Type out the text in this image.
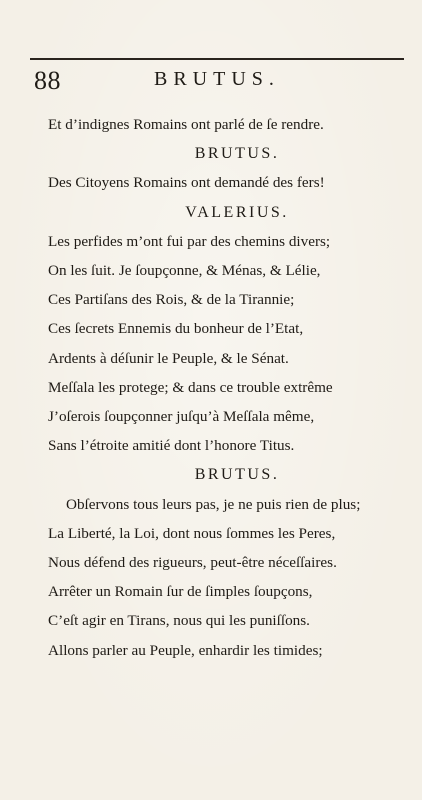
88	BRUTUS.
Et d’indignes Romains ont parlé de ſe rendre.
BRUTUS.
Des Citoyens Romains ont demandé des fers!
VALERIUS.
Les perfides m’ont fui par des chemins divers;
On les ſuit. Je ſoupçonne, & Ménas, & Lélie,
Ces Partiſans des Rois, & de la Tirannie;
Ces ſecrets Ennemis du bonheur de l’Etat,
Ardents à déſunir le Peuple, & le Sénat.
Meſſala les protege; & dans ce trouble extrême
J’oſerois ſoupçonner juſqu’à Meſſala même,
Sans l’étroite amitié dont l’honore Titus.
BRUTUS.
Obſervons tous leurs pas, je ne puis rien de plus;
La Liberté, la Loi, dont nous ſommes les Peres,
Nous défend des rigueurs, peut-être néceſſaires.
Arrêter un Romain ſur de ſimples ſoupçons,
C’eſt agir en Tirans, nous qui les puniſſons.
Allons parler au Peuple, enhardir les timides;
